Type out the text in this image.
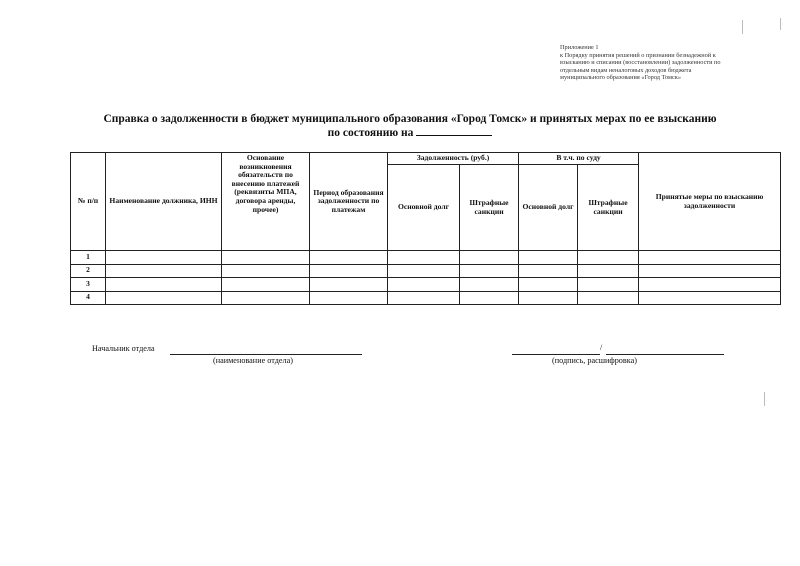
Приложение 1
к Порядку принятия решений о признании безнадежной к
взысканию и списании (восстановлении) задолженности по
отдельным видам неналоговых доходов бюджета
муниципального образования «Город Томск»
Справка о задолженности в бюджет муниципального образования «Город Томск» и принятых мерах по ее взысканию
по состоянию на
№ п/п	Наименование должника, ИНН	Основание возникновения обязательств по внесению платежей (реквизиты МПА, договора аренды, прочее)	Период образования задолженности по платежам	Задолженность (руб.)		В т.ч. по суду		Принятые меры по взысканию задолженности
				Основной долг	Штрафные санкции	Основной долг	Штрафные санкции	
1								
2								
3								
4								
Начальник отдела
(наименование отдела)
/
(подпись, расшифровка)
